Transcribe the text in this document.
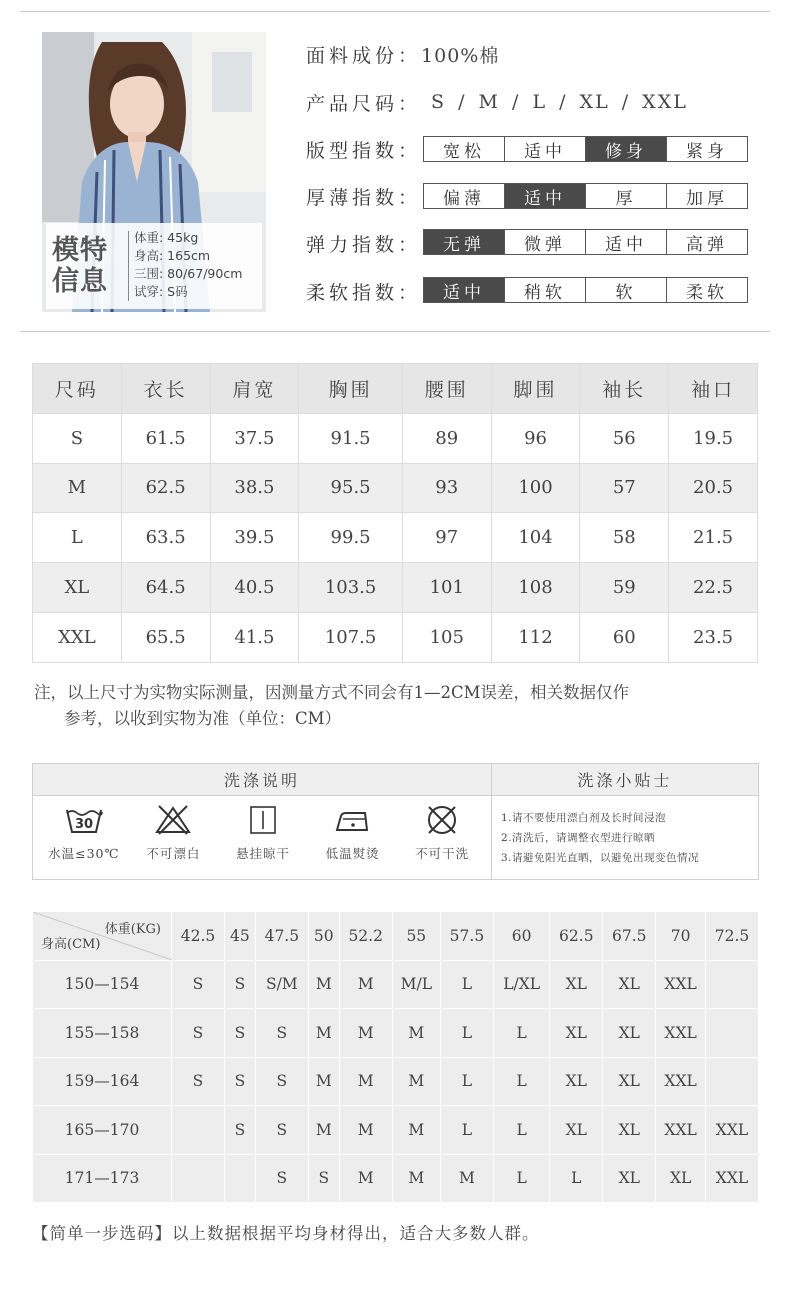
模特信息
体重: 45kg
身高: 165cm
三围: 80/67/90cm
试穿: S码
面料成份： 100%棉
产品尺码： S / M / L / XL / XXL
版型指数：	宽松	适中	修身	紧身
厚薄指数：	偏薄	适中	厚	加厚
弹力指数：	无弹	微弹	适中	高弹
柔软指数：	适中	稍软	软	柔软
尺码	衣长	肩宽	胸围	腰围	脚围	袖长	袖口
S	61.5	37.5	91.5	89	96	56	19.5
M	62.5	38.5	95.5	93	100	57	20.5
L	63.5	39.5	99.5	97	104	58	21.5
XL	64.5	40.5	103.5	101	108	59	22.5
XXL	65.5	41.5	107.5	105	112	60	23.5

注，以上尺寸为实物实际测量，因测量方式不同会有1—2CM误差，相关数据仅作
参考，以收到实物为准（单位：CM）

洗涤说明	洗涤小贴士
30
水温≤30℃	不可漂白	悬挂晾干	低温熨烫	不可干洗
1.请不要使用漂白剂及长时间浸泡
2.清洗后，请调整衣型进行晾晒
3.请避免阳光直晒，以避免出现变色情况
体重(KG)
身高(CM)	42.5	45	47.5	50	52.2	55	57.5	60	62.5	67.5	70	72.5
150—154	S	S	S/M	M	M	M/L	L	L/XL	XL	XL	XXL	
155—158	S	S	S	M	M	M	L	L	XL	XL	XXL	
159—164	S	S	S	M	M	M	L	L	XL	XL	XXL	
165—170		S	S	M	M	M	L	L	XL	XL	XXL	XXL
171—173			S	S	M	M	M	L	L	XL	XL	XXL
【简单一步选码】以上数据根据平均身材得出，适合大多数人群。
